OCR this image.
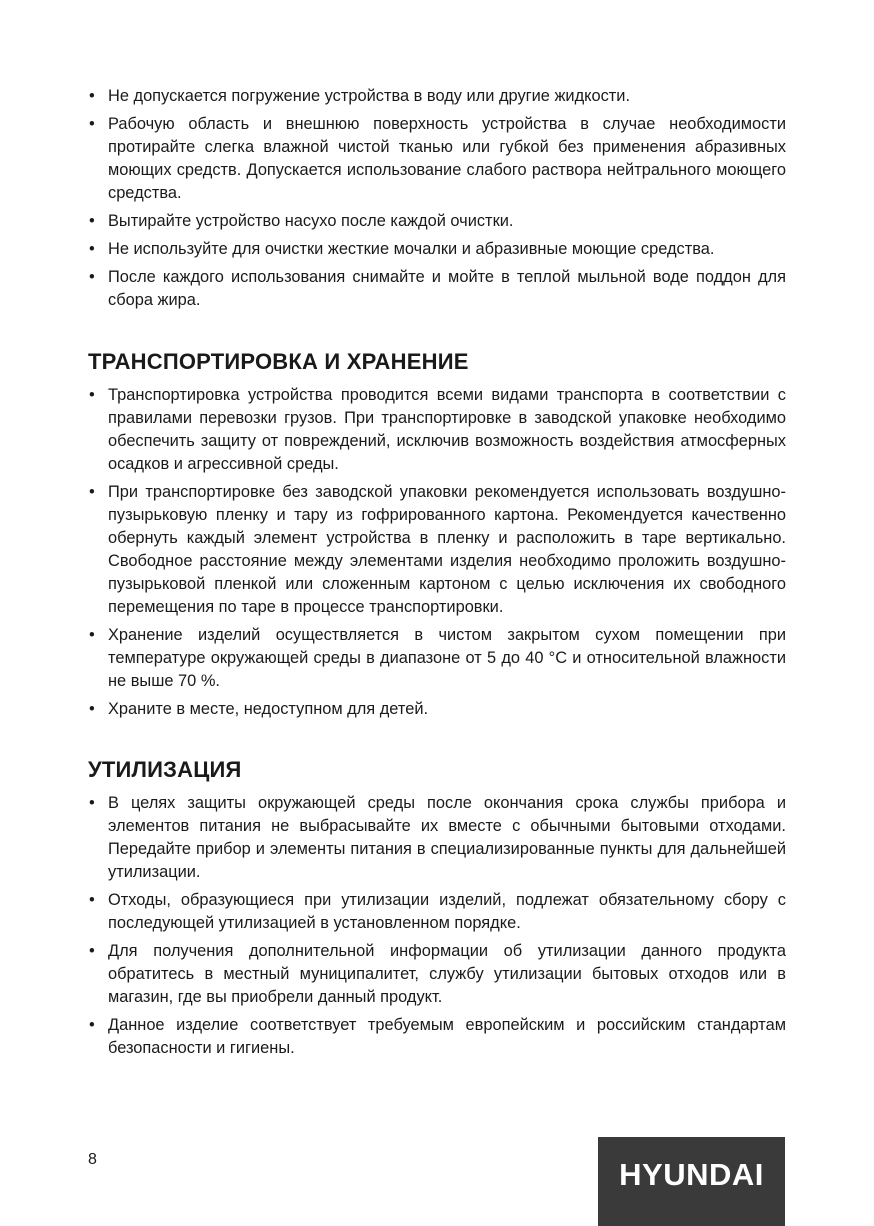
• Не допускается погружение устройства в воду или другие жидкости.
• Рабочую область и внешнюю поверхность устройства в случае необходимости протирайте слегка влажной чистой тканью или губкой без применения абразивных моющих средств. Допускается использование слабого раствора нейтрального моющего средства.
• Вытирайте устройство насухо после каждой очистки.
• Не используйте для очистки жесткие мочалки и абразивные моющие средства.
• После каждого использования снимайте и мойте в теплой мыльной воде поддон для сбора жира.
ТРАНСПОРТИРОВКА И ХРАНЕНИЕ
• Транспортировка устройства проводится всеми видами транспорта в соответствии с правилами перевозки грузов. При транспортировке в заводской упаковке необходимо обеспечить защиту от повреждений, исключив возможность воздействия атмосферных осадков и агрессивной среды.
• При транспортировке без заводской упаковки рекомендуется использовать воздушно-пузырьковую пленку и тару из гофрированного картона. Рекомендуется качественно обернуть каждый элемент устройства в пленку и расположить в таре вертикально. Свободное расстояние между элементами изделия необходимо проложить воздушно-пузырьковой пленкой или сложенным картоном с целью исключения их свободного перемещения по таре в процессе транспортировки.
• Хранение изделий осуществляется в чистом закрытом сухом помещении при температуре окружающей среды в диапазоне от 5 до 40 °С и относительной влажности не выше 70 %.
• Храните в месте, недоступном для детей.
УТИЛИЗАЦИЯ
• В целях защиты окружающей среды после окончания срока службы прибора и элементов питания не выбрасывайте их вместе с обычными бытовыми отходами. Передайте прибор и элементы питания в специализированные пункты для дальнейшей утилизации.
• Отходы, образующиеся при утилизации изделий, подлежат обязательному сбору с последующей утилизацией в установленном порядке.
• Для получения дополнительной информации об утилизации данного продукта обратитесь в местный муниципалитет, службу утилизации бытовых отходов или в магазин, где вы приобрели данный продукт.
• Данное изделие соответствует требуемым европейским и российским стандартам безопасности и гигиены.
8	HYUNDAI
